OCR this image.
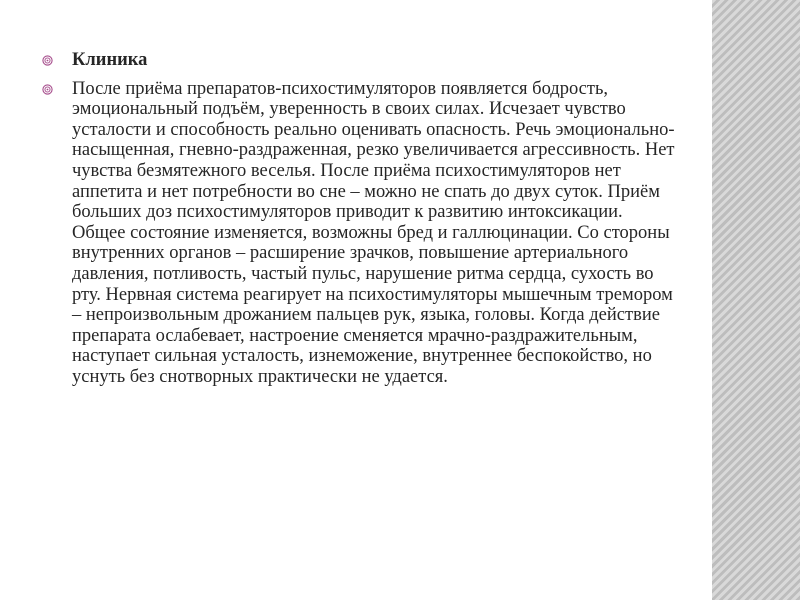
Клиника
После приёма препаратов-психостимуляторов появляется бодрость, эмоциональный подъём, уверенность в своих силах. Исчезает чувство усталости и способность реально оценивать опасность. Речь эмоционально-насыщенная, гневно-раздраженная, резко увеличивается агрессивность. Нет чувства безмятежного веселья. После приёма психостимуляторов нет аппетита и нет потребности во сне – можно не спать до двух суток. Приём больших доз психостимуляторов приводит к развитию интоксикации. Общее состояние изменяется, возможны бред и галлюцинации. Со стороны внутренних органов – расширение зрачков, повышение артериального давления, потливость, частый пульс, нарушение ритма сердца, сухость во рту. Нервная система реагирует на психостимуляторы мышечным тремором – непроизвольным дрожанием пальцев рук, языка, головы. Когда действие препарата ослабевает, настроение сменяется мрачно-раздражительным, наступает сильная усталость, изнеможение, внутреннее беспокойство, но уснуть без снотворных практически не удается.
